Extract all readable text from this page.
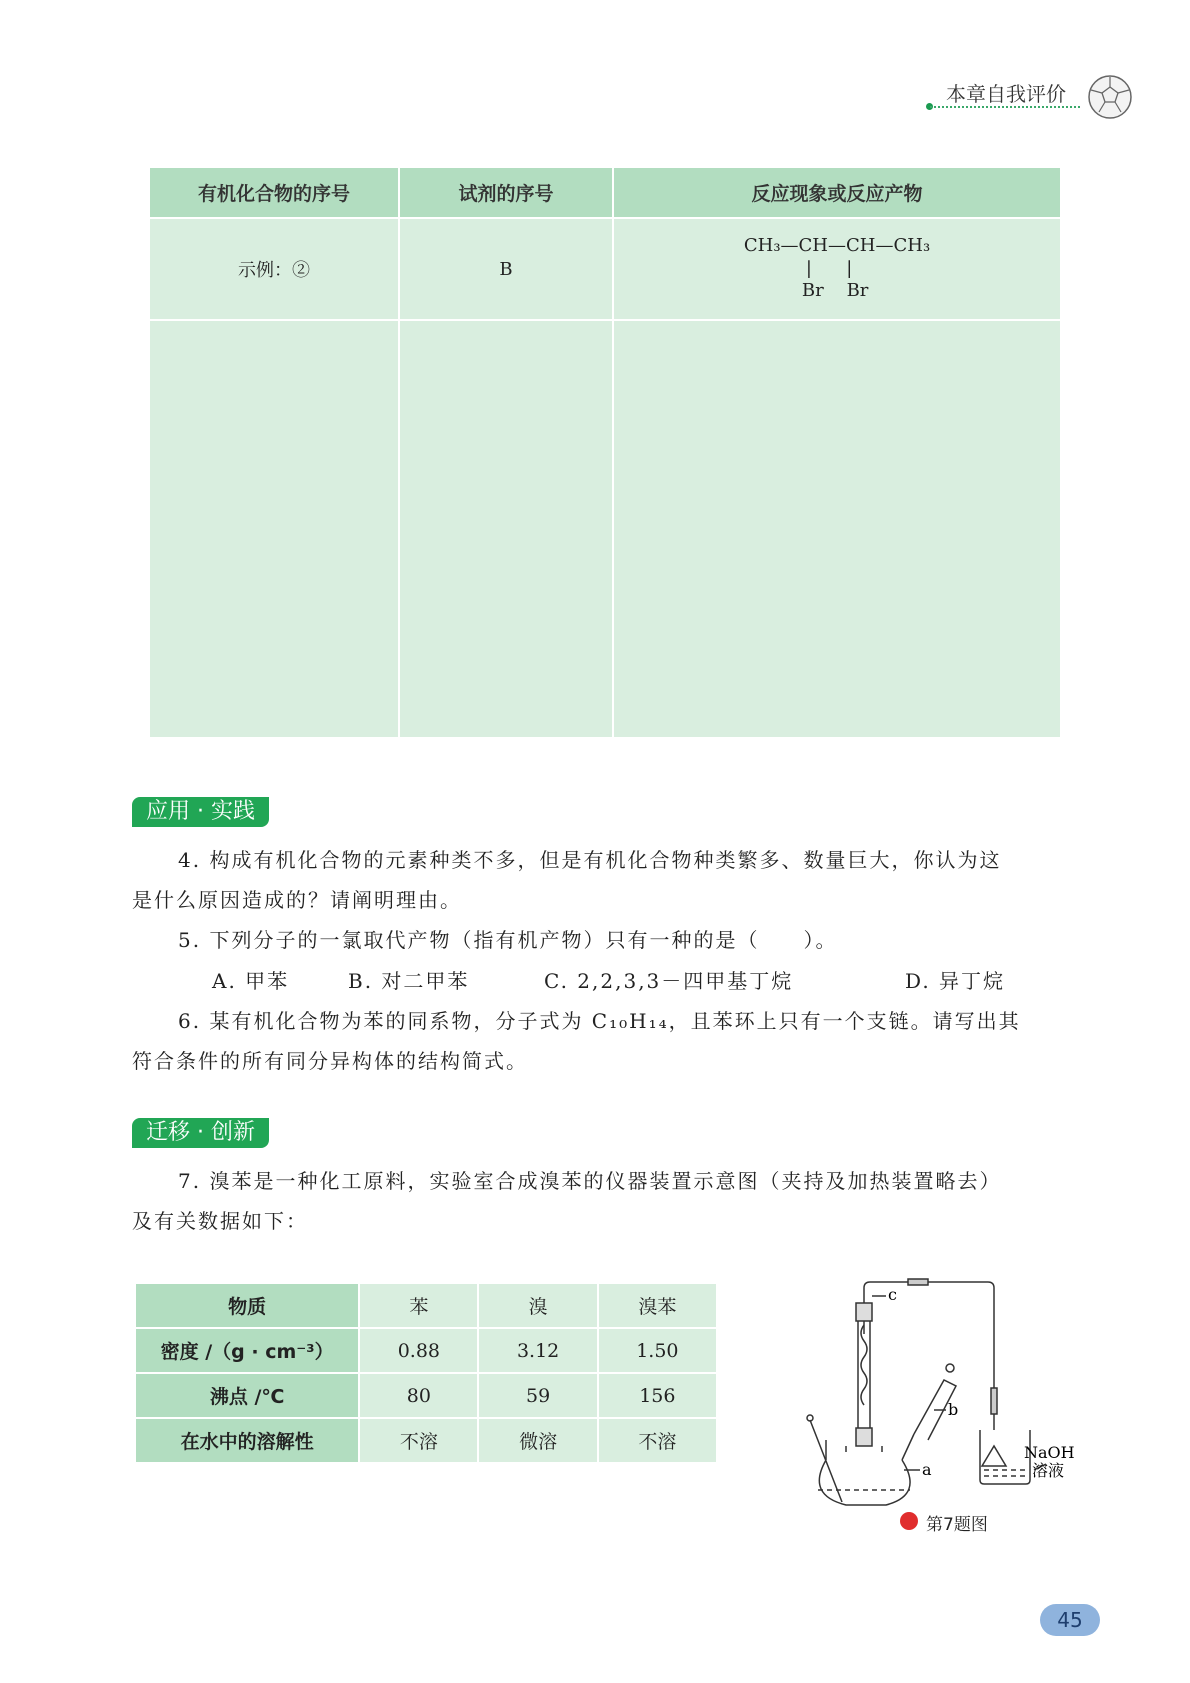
本章自我评价
有机化合物的序号	试剂的序号	反应现象或反应产物
示例：②	B	CH₃—CH—CH—CH₃
|      |
Br    Br

应用 · 实践
4. 构成有机化合物的元素种类不多，但是有机化合物种类繁多、数量巨大，你认为这
是什么原因造成的？请阐明理由。
5. 下列分子的一氯取代产物（指有机产物）只有一种的是（　　）。
A. 甲苯	B. 对二甲苯	C. 2,2,3,3－四甲基丁烷	D. 异丁烷
6. 某有机化合物为苯的同系物，分子式为 C₁₀H₁₄，且苯环上只有一个支链。请写出其
符合条件的所有同分异构体的结构简式。
迁移 · 创新
7. 溴苯是一种化工原料，实验室合成溴苯的仪器装置示意图（夹持及加热装置略去）
及有关数据如下：
物质	苯	溴	溴苯
密度 /（g · cm⁻³）	0.88	3.12	1.50
沸点 /℃	80	59	156
在水中的溶解性	不溶	微溶	不溶
c
a
b
NaOH
溶液
第7题图
45
